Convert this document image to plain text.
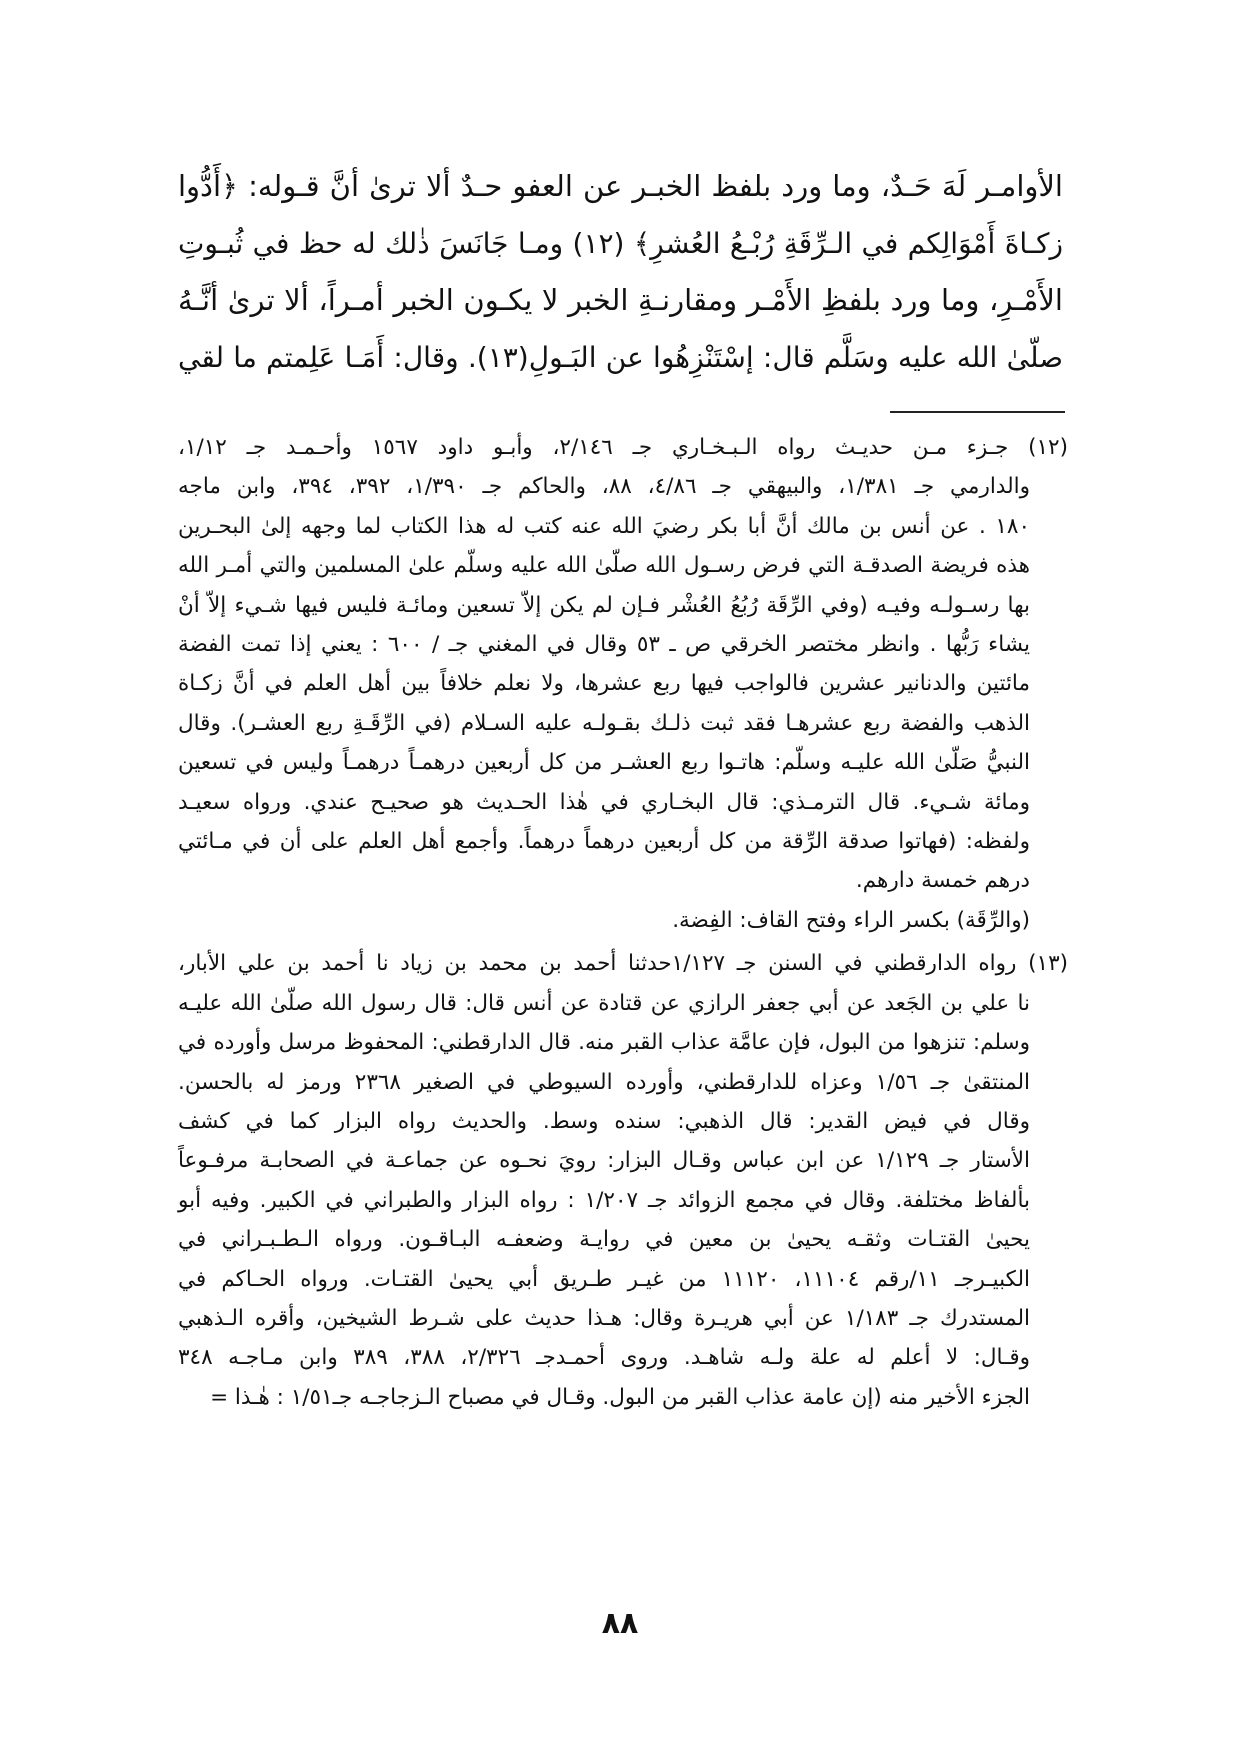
الأوامـر لَهَ حَـدٌ، وما ورد بلفظ الخبـر عن العفو حـدٌ ألا ترىٰ أنَّ قـوله: ﴿أَدُّوا
زكـاةَ أَمْوَالِكم في الـرِّقَةِ رُبْـعُ العُشرِ﴾ (١٢) ومـا جَانَسَ ذٰلك له حظ في ثُبـوتِ
الأَمْـرِ، وما ورد بلفظِ الأَمْـر ومقارنـةِ الخبر لا يكـون الخبر أمـراً، ألا ترىٰ أنَّـهُ
صلّىٰ الله عليه وسَلَّم قال: إسْتَنْزِهُوا عن البَـولِ(١٣). وقال: أَمَـا عَلِمتم ما لقي
(١٢) جـزء مـن حديـث رواه الـبـخـاري جـ ٢/١٤٦، وأبـو داود ١٥٦٧ وأحـمـد جـ ١/١٢،
والدارمي جـ ١/٣٨١، والبيهقي جـ ٤/٨٦، ٨٨، والحاكم جـ ١/٣٩٠، ٣٩٢، ٣٩٤، وابن ماجه
١٨٠ . عن أنس بن مالك أنَّ أبا بكر رضيَ الله عنه كتب له هذا الكتاب لما وجهه إلىٰ البحـرين
هذه فريضة الصدقـة التي فرض رسـول الله صلّىٰ الله عليه وسلّم علىٰ المسلمين والتي أمـر الله
بها رسـولـه وفيـه (وفي الرِّقَة رُبُعُ العُشْر فـإن لم يكن إلاّ تسعين ومائـة فليس فيها شـيء إلاّ أنْ
يشاء رَبُّها . وانظر مختصر الخرقي ص ـ ٥٣ وقال في المغني جـ / ٦٠٠ : يعني إذا تمت الفضة
مائتين والدنانير عشرين فالواجب فيها ربع عشرها، ولا نعلم خلافاً بين أهل العلم في أنَّ زكـاة
الذهب والفضة ربع عشرهـا فقد ثبت ذلـك بقـولـه عليه السـلام (في الرِّقَـةِ ربع العشـر). وقال
النبيُّ صَلّىٰ الله عليـه وسلّم: هاتـوا ربع العشـر من كل أربعين درهمـاً درهمـاً وليس في تسعين
ومائة شـيء. قال الترمـذي: قال البخـاري في هٰذا الحـديث هو صحيـح عندي. ورواه سعيـد
ولفظه: (فهاتوا صدقة الرِّقة من كل أربعين درهماً درهماً. وأجمع أهل العلم على أن في مـائتي
درهم خمسة دارهم.
(والرِّقَة) بكسر الراء وفتح القاف: الفِضة.
(١٣) رواه الدارقطني في السنن جـ ١/١٢٧حدثنا أحمد بن محمد بن زياد نا أحمد بن علي الأبار،
نا علي بن الجَعد عن أبي جعفر الرازي عن قتادة عن أنس قال: قال رسول الله صلّىٰ الله عليـه
وسلم: تنزهوا من البول، فإن عامَّة عذاب القبر منه. قال الدارقطني: المحفوظ مرسل وأورده في
المنتقىٰ جـ ١/٥٦ وعزاه للدارقطني، وأورده السيوطي في الصغير ٢٣٦٨ ورمز له بالحسن.
وقال في فيض القدير: قال الذهبي: سنده وسط. والحديث رواه البزار كما في كشف
الأستار جـ ١/١٢٩ عن ابن عباس وقـال البزار: رويَ نحـوه عن جماعـة في الصحابـة مرفـوعاً
بألفاظ مختلفة. وقال في مجمع الزوائد جـ ١/٢٠٧ : رواه البزار والطبراني في الكبير. وفيه أبو
يحيىٰ القتـات وثقـه يحيىٰ بن معين في روايـة وضعفـه البـاقـون. ورواه الـطـبـراني في
الكبيـرجـ ١١/رقم ١١١٠٤، ١١١٢٠ من غيـر طـريق أبي يحيىٰ القتـات. ورواه الحـاكم في
المستدرك جـ ١/١٨٣ عن أبي هريـرة وقال: هـذا حديث على شـرط الشيخين، وأقره الـذهبي
وقـال: لا أعلم له علة ولـه شاهـد. وروى أحمـدجـ ٢/٣٢٦، ٣٨٨، ٣٨٩ وابن مـاجـه ٣٤٨
الجزء الأخير منه (إن عامة عذاب القبر من البول. وقـال في مصباح الـزجاجـه جـ١/٥١ : هٰـذا =
٨٨
